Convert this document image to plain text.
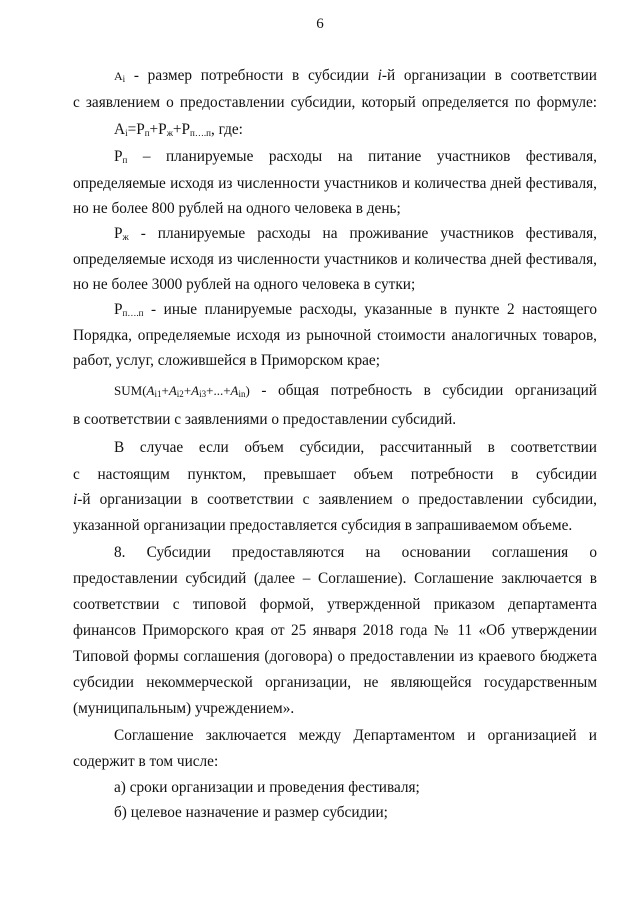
6
$A_i$ - размер потребности в субсидии i-й организации в соответствии
с заявлением о предоставлении субсидии, который определяется по формуле:
$A_i=P_п+P_ж+P_{п\dots.п}$, где:
$P_п$ – планируемые расходы на питание участников фестиваля,
определяемые исходя из численности участников и количества дней фестиваля,
но не более 800 рублей на одного человека в день;
$P_ж$ - планируемые расходы на проживание участников фестиваля,
определяемые исходя из численности участников и количества дней фестиваля,
но не более 3000 рублей на одного человека в сутки;
$P_{п\dots.п}$ - иные планируемые расходы, указанные в пункте 2 настоящего
Порядка, определяемые исходя из рыночной стоимости аналогичных товаров,
работ, услуг, сложившейся в Приморском крае;
$SUM(A_{i1}+A_{i2}+A_{i3}+...+A_{in})$ - общая потребность в субсидии организаций
в соответствии с заявлениями о предоставлении субсидий.
В случае если объем субсидии, рассчитанный в соответствии
с настоящим пунктом, превышает объем потребности в субсидии
i-й организации в соответствии с заявлением о предоставлении субсидии,
указанной организации предоставляется субсидия в запрашиваемом объеме.
8. Субсидии предоставляются на основании соглашения о
предоставлении субсидий (далее – Соглашение). Соглашение заключается в
соответствии с типовой формой, утвержденной приказом департамента
финансов Приморского края от 25 января 2018 года № 11 «Об утверждении
Типовой формы соглашения (договора) о предоставлении из краевого бюджета
субсидии некоммерческой организации, не являющейся государственным
(муниципальным) учреждением».
Соглашение заключается между Департаментом и организацией и
содержит в том числе:
а) сроки организации и проведения фестиваля;
б) целевое назначение и размер субсидии;
